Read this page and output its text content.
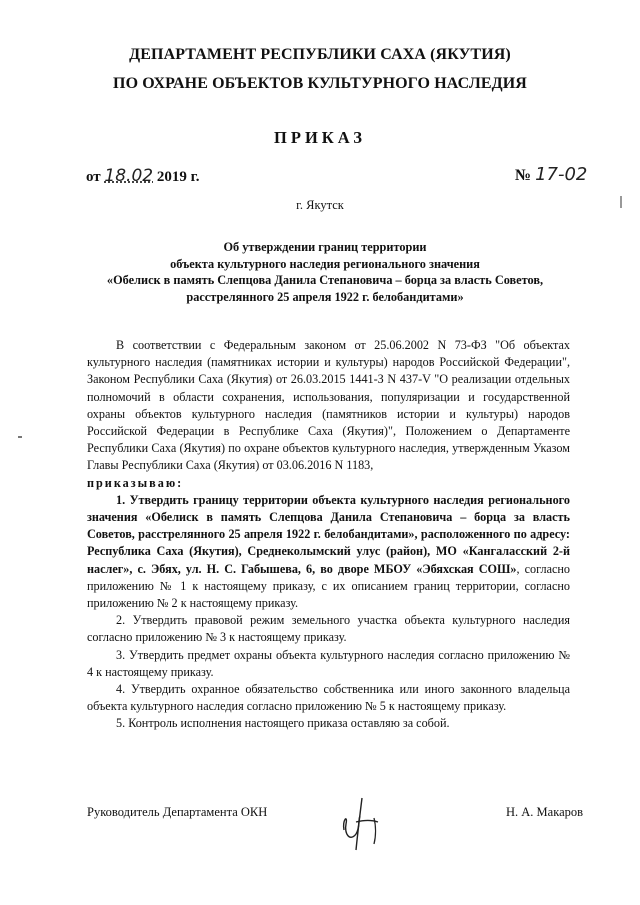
ДЕПАРТАМЕНТ РЕСПУБЛИКИ САХА (ЯКУТИЯ)
ПО ОХРАНЕ ОБЪЕКТОВ КУЛЬТУРНОГО НАСЛЕДИЯ
ПРИКАЗ
от 18.02 2019 г.	№ 17-02
г. Якутск
Об утверждении границ территории
объекта культурного наследия регионального значения
«Обелиск в память Слепцова Данила Степановича – борца за власть Советов,
расстрелянного 25 апреля 1922 г. белобандитами»

В соответствии с Федеральным законом от 25.06.2002 N 73-ФЗ "Об объектах культурного наследия (памятниках истории и культуры) народов Российской Федерации", Законом Республики Саха (Якутия) от 26.03.2015 1441-З N 437-V "О реализации отдельных полномочий в области сохранения, использования, популяризации и государственной охраны объектов культурного наследия (памятников истории и культуры) народов Российской Федерации в Республике Саха (Якутия)", Положением о Департаменте Республики Саха (Якутия) по охране объектов культурного наследия, утвержденным Указом Главы Республики Саха (Якутия) от 03.06.2016 N 1183,

приказываю:

1. Утвердить границу территории объекта культурного наследия регионального значения «Обелиск в память Слепцова Данила Степановича – борца за власть Советов, расстрелянного 25 апреля 1922 г. белобандитами», расположенного по адресу: Республика Саха (Якутия), Среднеколымский улус (район), МО «Кангаласский 2-й наслег», с. Эбях, ул. Н. С. Габышева, 6, во дворе МБОУ «Эбяхская СОШ», согласно приложению № 1 к настоящему приказу, с их описанием границ территории, согласно приложению № 2 к настоящему приказу.

2. Утвердить правовой режим земельного участка объекта культурного наследия согласно приложению № 3 к настоящему приказу.

3. Утвердить предмет охраны объекта культурного наследия согласно приложению № 4 к настоящему приказу.

4. Утвердить охранное обязательство собственника или иного законного владельца объекта культурного наследия согласно приложению № 5 к настоящему приказу.

5. Контроль исполнения настоящего приказа оставляю за собой.

Руководитель Департамента ОКН	Н. А. Макаров
